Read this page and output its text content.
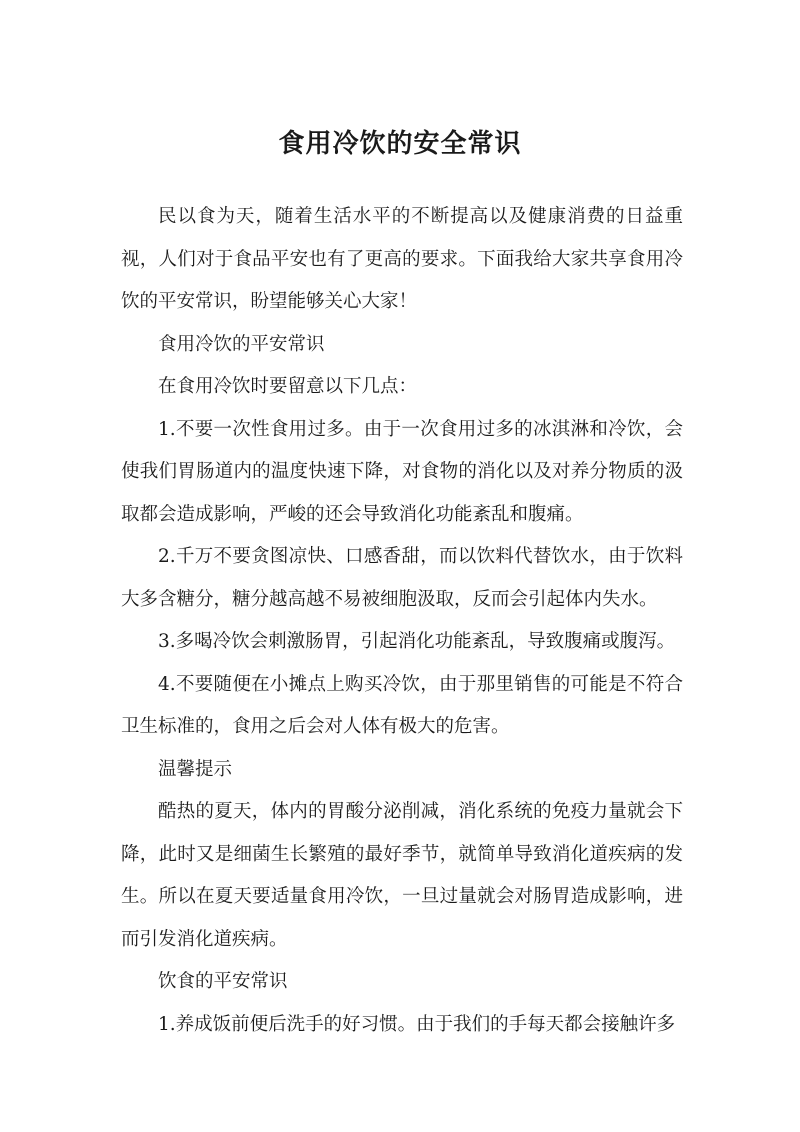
食用冷饮的安全常识

民以食为天，随着生活水平的不断提高以及健康消费的日益重视，人们对于食品平安也有了更高的要求。下面我给大家共享食用冷饮的平安常识，盼望能够关心大家！

食用冷饮的平安常识

在食用冷饮时要留意以下几点：

1.不要一次性食用过多。由于一次食用过多的冰淇淋和冷饮，会使我们胃肠道内的温度快速下降，对食物的消化以及对养分物质的汲取都会造成影响，严峻的还会导致消化功能紊乱和腹痛。

2.千万不要贪图凉快、口感香甜，而以饮料代替饮水，由于饮料大多含糖分，糖分越高越不易被细胞汲取，反而会引起体内失水。

3.多喝冷饮会刺激肠胃，引起消化功能紊乱，导致腹痛或腹泻。

4.不要随便在小摊点上购买冷饮，由于那里销售的可能是不符合卫生标准的，食用之后会对人体有极大的危害。

温馨提示

酷热的夏天，体内的胃酸分泌削减，消化系统的免疫力量就会下降，此时又是细菌生长繁殖的最好季节，就简单导致消化道疾病的发生。所以在夏天要适量食用冷饮，一旦过量就会对肠胃造成影响，进而引发消化道疾病。

饮食的平安常识

1.养成饭前便后洗手的好习惯。由于我们的手每天都会接触许多
